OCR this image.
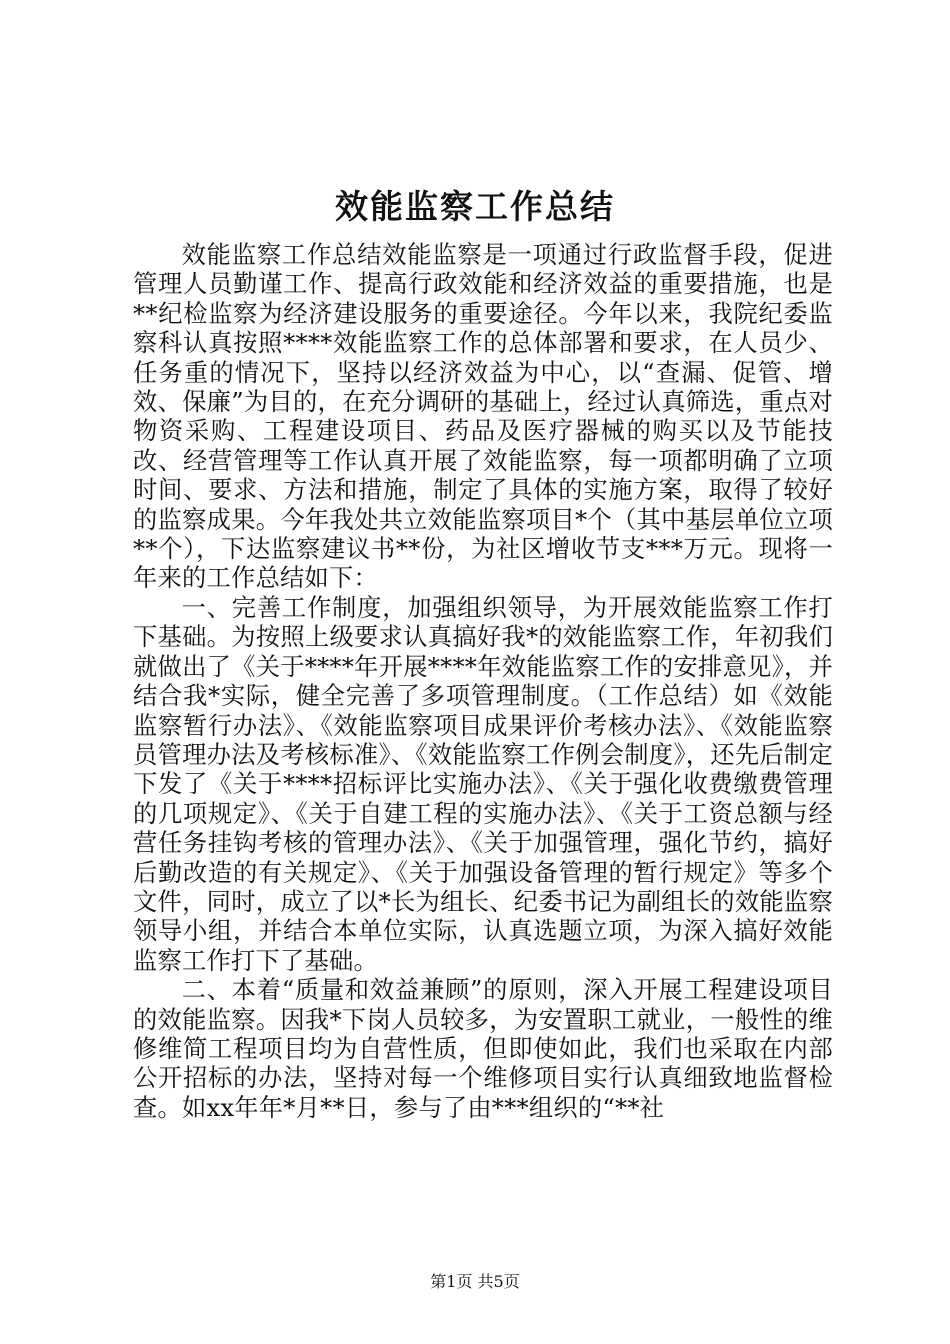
效能监察工作总结

效能监察工作总结效能监察是一项通过行政监督手段，促进管理人员勤谨工作、提高行政效能和经济效益的重要措施，也是**纪检监察为经济建设服务的重要途径。今年以来，我院纪委监察科认真按照****效能监察工作的总体部署和要求，在人员少、任务重的情况下，坚持以经济效益为中心，以“查漏、促管、增效、保廉”为目的，在充分调研的基础上，经过认真筛选，重点对物资采购、工程建设项目、药品及医疗器械的购买以及节能技改、经营管理等工作认真开展了效能监察，每一项都明确了立项时间、要求、方法和措施，制定了具体的实施方案，取得了较好的监察成果。今年我处共立效能监察项目*个（其中基层单位立项**个），下达监察建议书**份，为社区增收节支***万元。现将一年来的工作总结如下：

一、完善工作制度，加强组织领导，为开展效能监察工作打下基础。为按照上级要求认真搞好我*的效能监察工作，年初我们就做出了《关于****年开展****年效能监察工作的安排意见》，并结合我*实际，健全完善了多项管理制度。（工作总结）如《效能监察暂行办法》、《效能监察项目成果评价考核办法》、《效能监察员管理办法及考核标准》、《效能监察工作例会制度》，还先后制定下发了《关于****招标评比实施办法》、《关于强化收费缴费管理的几项规定》、《关于自建工程的实施办法》、《关于工资总额与经营任务挂钩考核的管理办法》、《关于加强管理，强化节约，搞好后勤改造的有关规定》、《关于加强设备管理的暂行规定》等多个文件，同时，成立了以*长为组长、纪委书记为副组长的效能监察领导小组，并结合本单位实际，认真选题立项，为深入搞好效能监察工作打下了基础。

二、本着“质量和效益兼顾”的原则，深入开展工程建设项目的效能监察。因我*下岗人员较多，为安置职工就业，一般性的维修维简工程项目均为自营性质，但即使如此，我们也采取在内部公开招标的办法，坚持对每一个维修项目实行认真细致地监督检查。如xx年年*月**日，参与了由***组织的“**社

第1页 共5页
